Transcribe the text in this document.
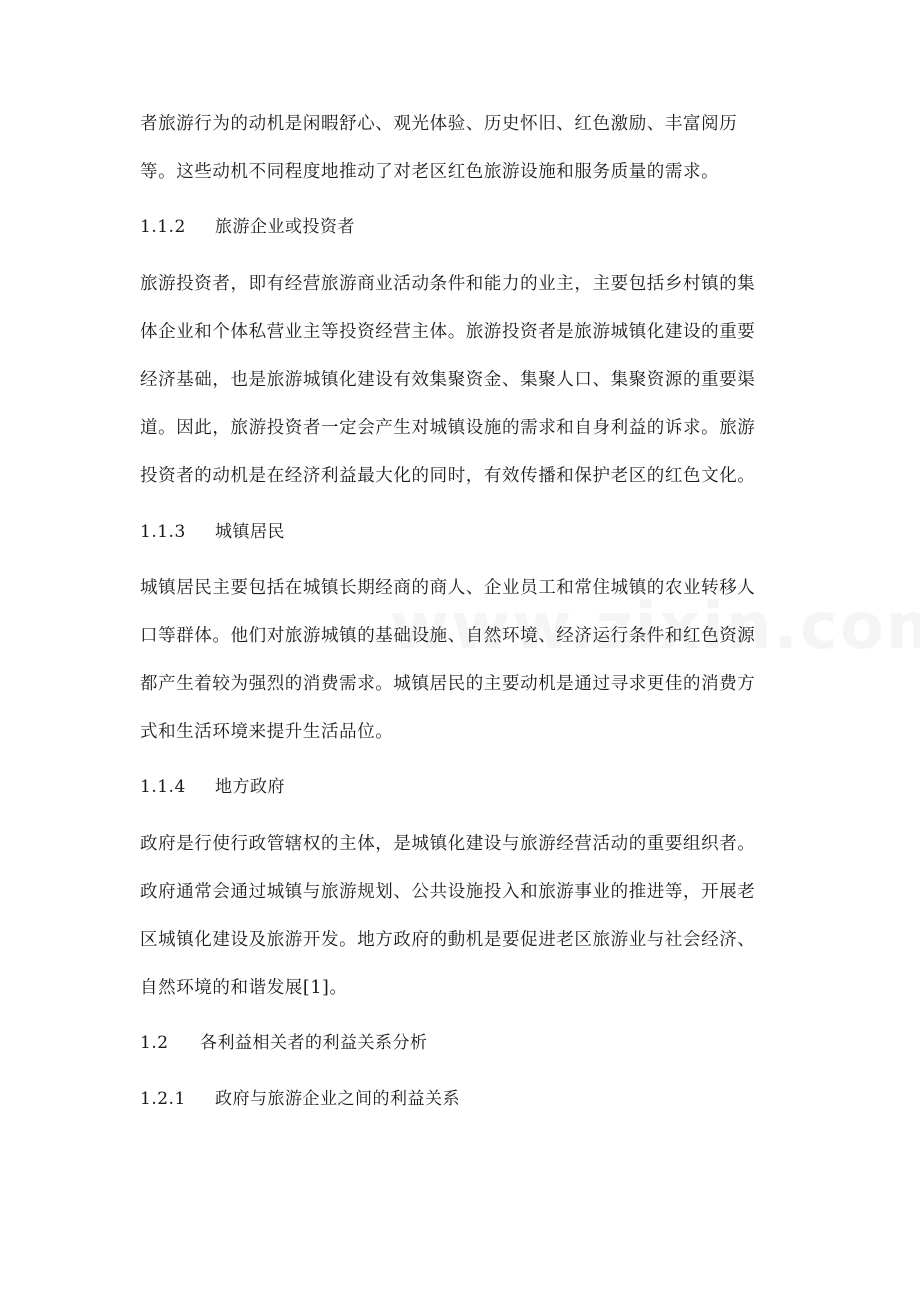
者旅游行为的动机是闲暇舒心、观光体验、历史怀旧、红色激励、丰富阅历
等。这些动机不同程度地推动了对老区红色旅游设施和服务质量的需求。
1.1.2 旅游企业或投资者
旅游投资者，即有经营旅游商业活动条件和能力的业主，主要包括乡村镇的集
体企业和个体私营业主等投资经营主体。旅游投资者是旅游城镇化建设的重要
经济基础，也是旅游城镇化建设有效集聚资金、集聚人口、集聚资源的重要渠
道。因此，旅游投资者一定会产生对城镇设施的需求和自身利益的诉求。旅游
投资者的动机是在经济利益最大化的同时，有效传播和保护老区的红色文化。
1.1.3 城镇居民
城镇居民主要包括在城镇长期经商的商人、企业员工和常住城镇的农业转移人
口等群体。他们对旅游城镇的基础设施、自然环境、经济运行条件和红色资源
都产生着较为强烈的消费需求。城镇居民的主要动机是通过寻求更佳的消费方
式和生活环境来提升生活品位。
1.1.4 地方政府
政府是行使行政管辖权的主体，是城镇化建设与旅游经营活动的重要组织者。
政府通常会通过城镇与旅游规划、公共设施投入和旅游事业的推进等，开展老
区城镇化建设及旅游开发。地方政府的動机是要促进老区旅游业与社会经济、
自然环境的和谐发展[1]。
1.2 各利益相关者的利益关系分析
1.2.1 政府与旅游企业之间的利益关系
